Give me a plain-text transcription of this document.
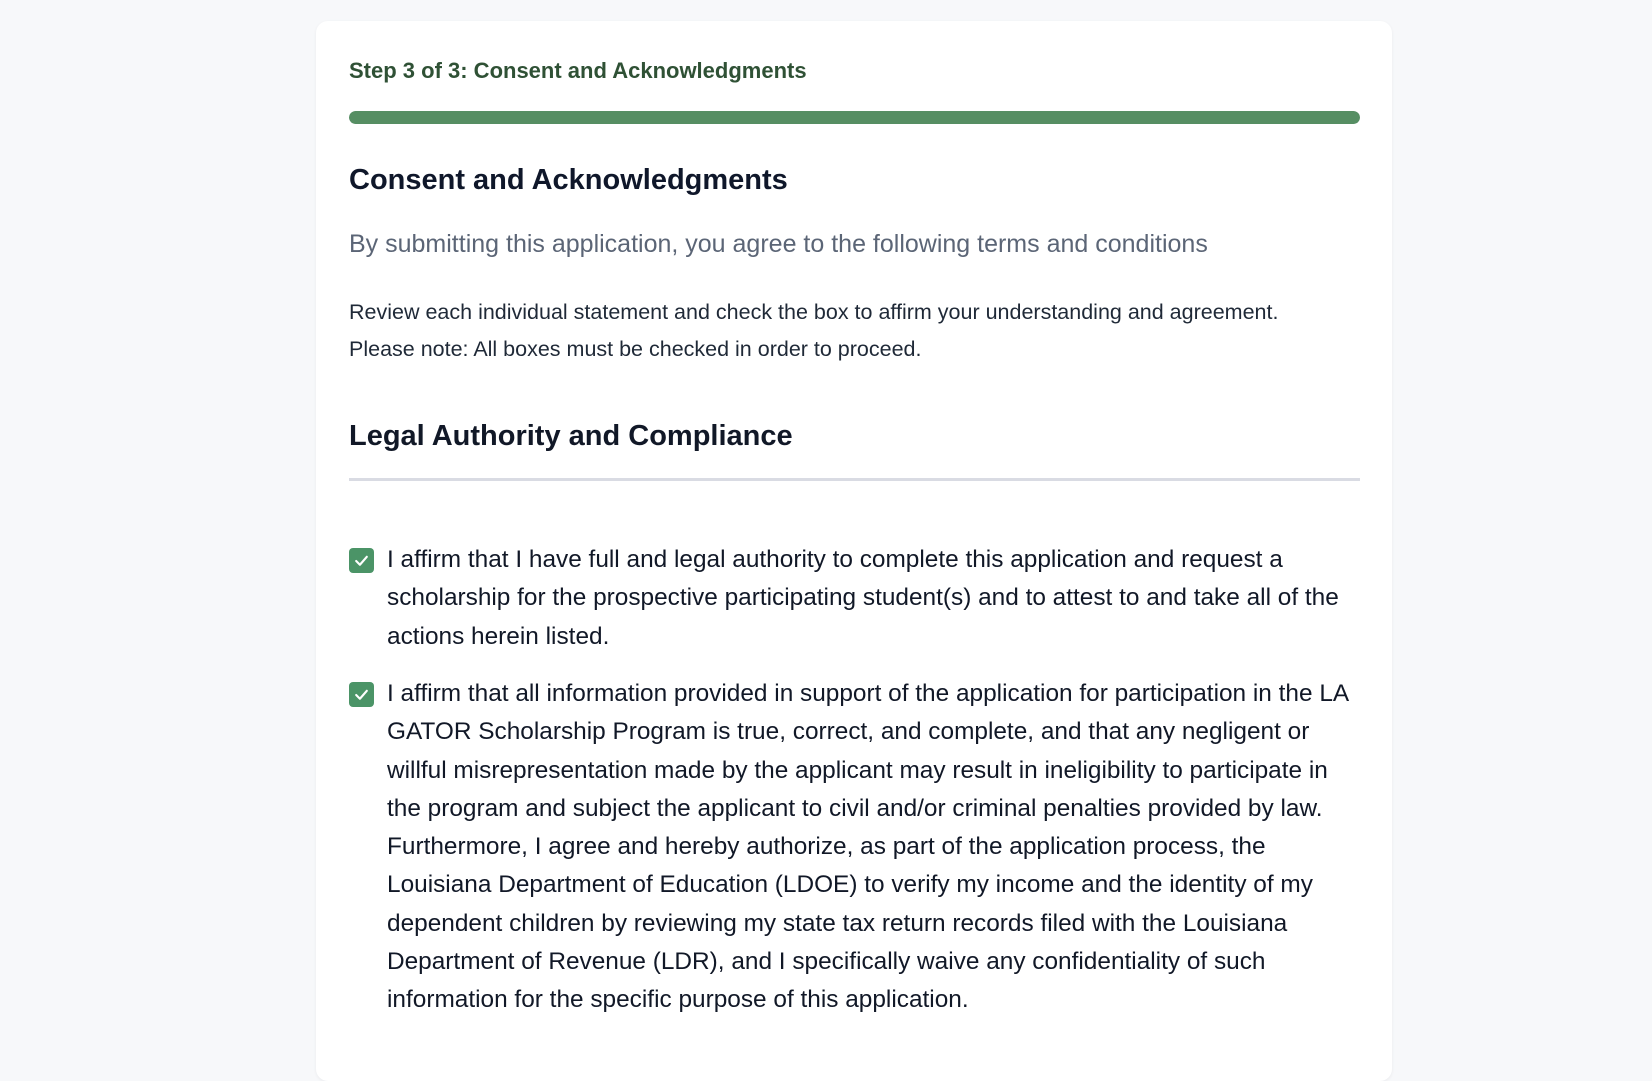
Step 3 of 3: Consent and Acknowledgments
Consent and Acknowledgments
By submitting this application, you agree to the following terms and conditions
Review each individual statement and check the box to affirm your understanding and agreement. Please note: All boxes must be checked in order to proceed.
Legal Authority and Compliance
I affirm that I have full and legal authority to complete this application and request a scholarship for the prospective participating student(s) and to attest to and take all of the actions herein listed.
I affirm that all information provided in support of the application for participation in the LA GATOR Scholarship Program is true, correct, and complete, and that any negligent or willful misrepresentation made by the applicant may result in ineligibility to participate in the program and subject the applicant to civil and/or criminal penalties provided by law. Furthermore, I agree and hereby authorize, as part of the application process, the Louisiana Department of Education (LDOE) to verify my income and the identity of my dependent children by reviewing my state tax return records filed with the Louisiana Department of Revenue (LDR), and I specifically waive any confidentiality of such information for the specific purpose of this application.
